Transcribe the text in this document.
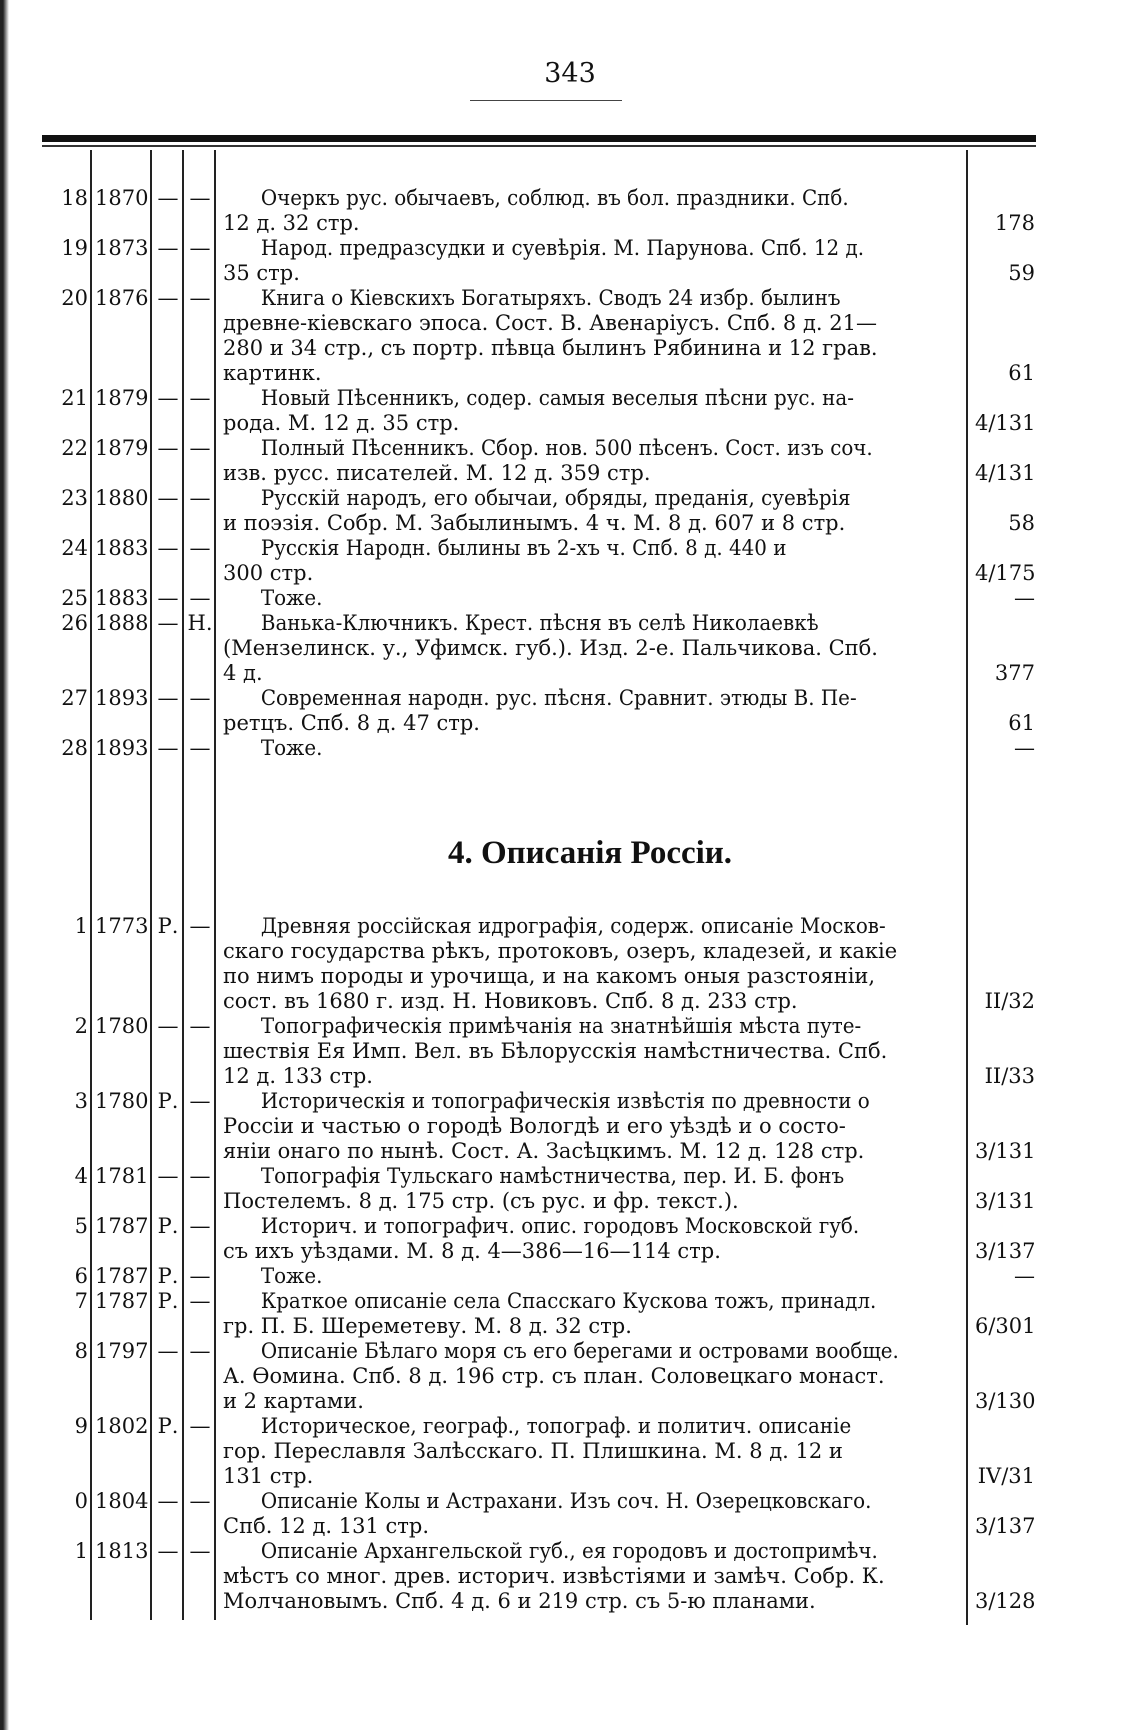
343
4. Описанія Россіи.
18 1870 — —	Очеркъ рус. обычаевъ, соблюд. въ бол. праздники. Спб.

12 д. 32 стр.	178
19 1873 — —	Народ. предразсудки и суевѣрія. М. Парунова. Спб. 12 д.

35 стр.	59
20 1876 — —	Книга о Кіевскихъ Богатыряхъ. Сводъ 24 избр. былинъ

древне-кіевскаго эпоса. Сост. В. Авенаріусъ. Спб. 8 д. 21—

280 и 34 стр., съ портр. пѣвца былинъ Рябинина и 12 грав.

картинк.	61
21 1879 — —	Новый Пѣсенникъ, содер. самыя веселыя пѣсни рус. на-

рода. М. 12 д. 35 стр.	4/131
22 1879 — —	Полный Пѣсенникъ. Сбор. нов. 500 пѣсенъ. Сост. изъ соч.

изв. русс. писателей. М. 12 д. 359 стр.	4/131
23 1880 — —	Русскій народъ, его обычаи, обряды, преданія, суевѣрія

и поэзія. Собр. М. Забылинымъ. 4 ч. М. 8 д. 607 и 8 стр.	58
24 1883 — —	Русскія Народн. былины въ 2-хъ ч. Спб. 8 д. 440 и

300 стр.	4/175
25 1883 — —	Тоже.	—
26 1888 — Н.	Ванька-Ключникъ. Крест. пѣсня въ селѣ Николаевкѣ

(Мензелинск. у., Уфимск. губ.). Изд. 2-е. Пальчикова. Спб.

4 д.	377
27 1893 — —	Современная народн. рус. пѣсня. Сравнит. этюды В. Пе-

ретцъ. Спб. 8 д. 47 стр.	61
28 1893 — —	Тоже.	—
1 1773 Р. —	Древняя россійская идрографія, содерж. описаніе Москов-

скаго государства рѣкъ, протоковъ, озеръ, кладезей, и какіе

по нимъ породы и урочища, и на какомъ оныя разстояніи,

сост. въ 1680 г. изд. Н. Новиковъ. Спб. 8 д. 233 стр.	II/32
2 1780 — —	Топографическія примѣчанія на знатнѣйшія мѣста путе-

шествія Ея Имп. Вел. въ Бѣлорусскія намѣстничества. Спб.

12 д. 133 стр.	II/33
3 1780 Р. —	Историческія и топографическія извѣстія по древности о

Россіи и частью о городѣ Вологдѣ и его уѣздѣ и о состо-

яніи онаго по нынѣ. Сост. А. Засѣцкимъ. М. 12 д. 128 стр.	3/131
4 1781 — —	Топографія Тульскаго намѣстничества, пер. И. Б. фонъ

Постелемъ. 8 д. 175 стр. (съ рус. и фр. текст.).	3/131
5 1787 Р. —	Историч. и топографич. опис. городовъ Московской губ.

съ ихъ уѣздами. М. 8 д. 4—386—16—114 стр.	3/137
6 1787 Р. —	Тоже.	—
7 1787 Р. —	Краткое описаніе села Спасскаго Кускова тожъ, принадл.

гр. П. Б. Шереметеву. М. 8 д. 32 стр.	6/301
8 1797 — —	Описаніе Бѣлаго моря съ его берегами и островами вообще.

А. Ѳомина. Спб. 8 д. 196 стр. съ план. Соловецкаго монаст.

и 2 картами.	3/130
9 1802 Р. —	Историческое, географ., топограф. и политич. описаніе

гор. Переславля Залѣсскаго. П. Плишкина. М. 8 д. 12 и

131 стр.	IV/31
0 1804 — —	Описаніе Колы и Астрахани. Изъ соч. Н. Озерецковскаго.

Спб. 12 д. 131 стр.	3/137
1 1813 — —	Описаніе Архангельской губ., ея городовъ и достопримѣч.

мѣстъ со мног. древ. историч. извѣстіями и замѣч. Собр. К.

Молчановымъ. Спб. 4 д. 6 и 219 стр. съ 5-ю планами.	3/128
